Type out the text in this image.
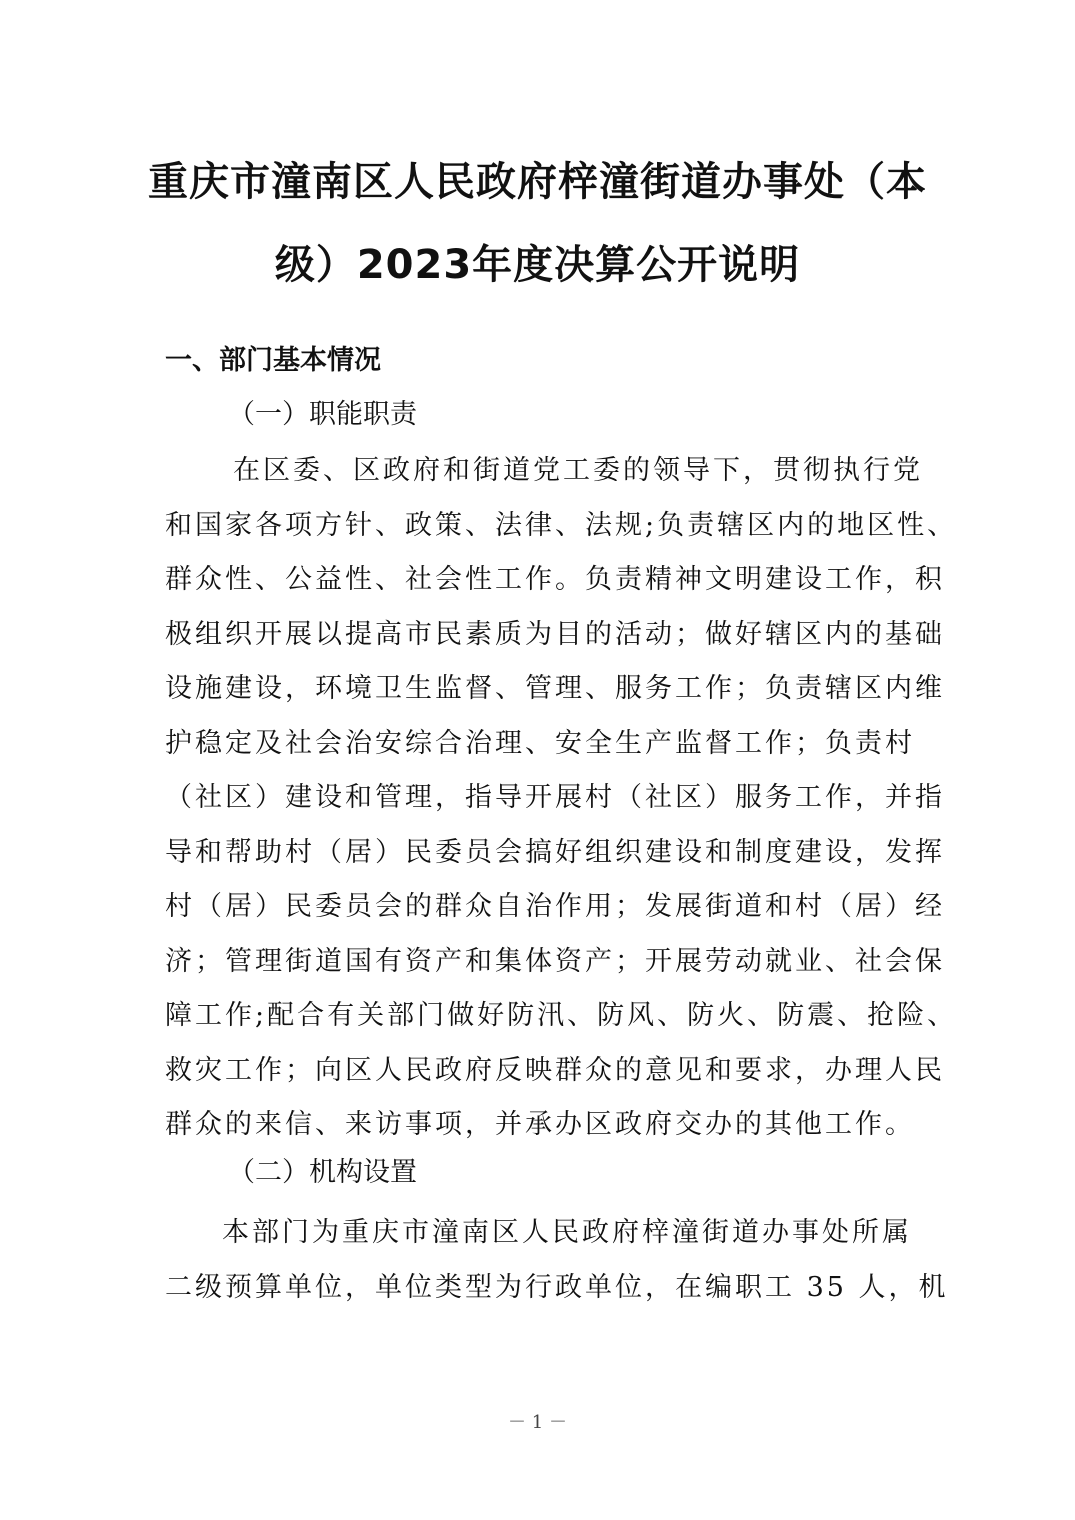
重庆市潼南区人民政府梓潼街道办事处（本
级）2023年度决算公开说明
一、部门基本情况
（一）职能职责
在区委、区政府和街道党工委的领导下，贯彻执行党
和国家各项方针、政策、法律、法规;负责辖区内的地区性、
群众性、公益性、社会性工作。负责精神文明建设工作，积
极组织开展以提高市民素质为目的活动；做好辖区内的基础
设施建设，环境卫生监督、管理、服务工作；负责辖区内维
护稳定及社会治安综合治理、安全生产监督工作；负责村
（社区）建设和管理，指导开展村（社区）服务工作，并指
导和帮助村（居）民委员会搞好组织建设和制度建设，发挥
村（居）民委员会的群众自治作用；发展街道和村（居）经
济；管理街道国有资产和集体资产；开展劳动就业、社会保
障工作;配合有关部门做好防汛、防风、防火、防震、抢险、
救灾工作；向区人民政府反映群众的意见和要求，办理人民
群众的来信、来访事项，并承办区政府交办的其他工作。
（二）机构设置
本部门为重庆市潼南区人民政府梓潼街道办事处所属
二级预算单位，单位类型为行政单位，在编职工 35 人，机
－ 1 －
